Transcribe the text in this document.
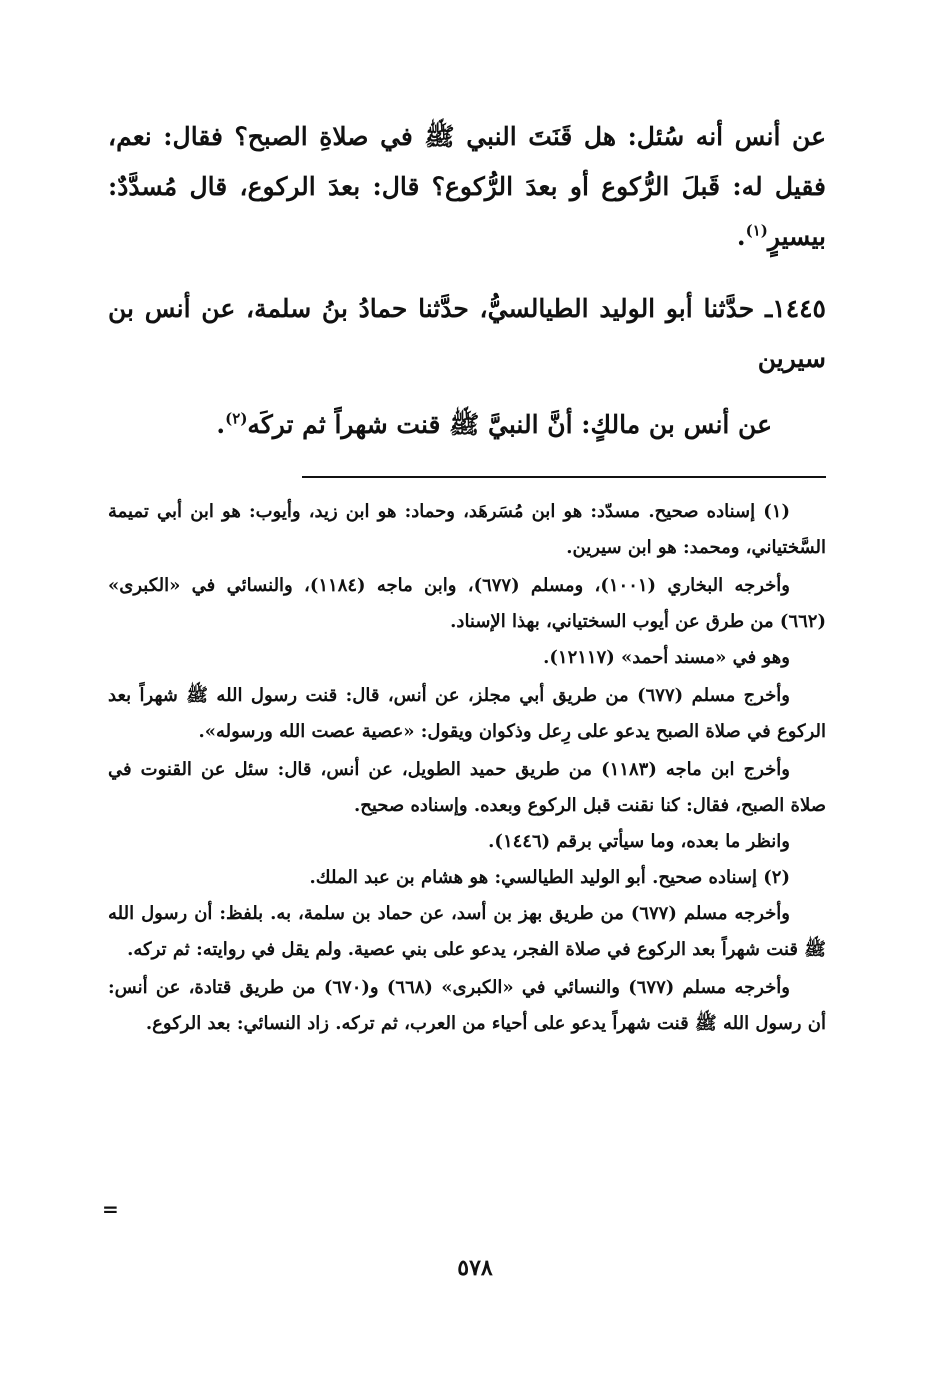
عن أنس أنه سُئل: هل قَنَتَ النبي ﷺ في صلاةِ الصبح؟ فقال: نعم، فقيل له: قَبلَ الرُّكوع أو بعدَ الرُّكوع؟ قال: بعدَ الركوع، قال مُسدَّدٌ: بيسيرٍ$^{(١)}$.

١٤٤٥ـ حدَّثنا أبو الوليد الطيالسيُّ، حدَّثنا حمادُ بنُ سلمة، عن أنس بن سيرين

عن أنس بن مالكٍ: أنَّ النبيَّ ﷺ قنت شهراً ثم تركَه$^{(٢)}$.

(١) إسناده صحيح. مسدّد: هو ابن مُسَرهَد، وحماد: هو ابن زيد، وأيوب: هو ابن أبي تميمة السَّختياني، ومحمد: هو ابن سيرين.

وأخرجه البخاري (١٠٠١)، ومسلم (٦٧٧)، وابن ماجه (١١٨٤)، والنسائي في «الكبرى» (٦٦٢) من طرق عن أيوب السختياني، بهذا الإسناد.

وهو في «مسند أحمد» (١٢١١٧).

وأخرج مسلم (٦٧٧) من طريق أبي مجلز، عن أنس، قال: قنت رسول الله ﷺ شهراً بعد الركوع في صلاة الصبح يدعو على رِعل وذكوان ويقول: «عصية عصت الله ورسوله».

وأخرج ابن ماجه (١١٨٣) من طريق حميد الطويل، عن أنس، قال: سئل عن القنوت في صلاة الصبح، فقال: كنا نقنت قبل الركوع وبعده. وإسناده صحيح.

وانظر ما بعده، وما سيأتي برقم (١٤٤٦).

(٢) إسناده صحيح. أبو الوليد الطيالسي: هو هشام بن عبد الملك.

وأخرجه مسلم (٦٧٧) من طريق بهز بن أسد، عن حماد بن سلمة، به. بلفظ: أن رسول الله ﷺ قنت شهراً بعد الركوع في صلاة الفجر، يدعو على بني عصية. ولم يقل في روايته: ثم تركه.

وأخرجه مسلم (٦٧٧) والنسائي في «الكبرى» (٦٦٨) و(٦٧٠) من طريق قتادة، عن أنس: أن رسول الله ﷺ قنت شهراً يدعو على أحياء من العرب، ثم تركه. زاد النسائي: بعد الركوع.

=
٥٧٨
